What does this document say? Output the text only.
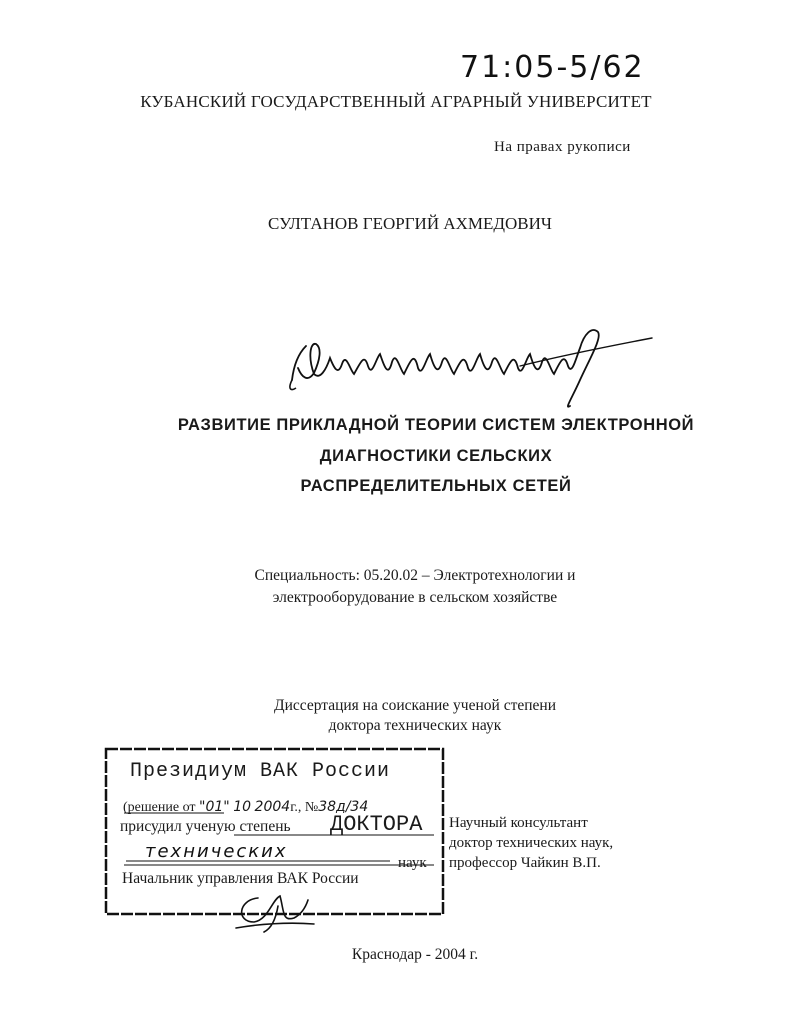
71:05-5/62
КУБАНСКИЙ ГОСУДАРСТВЕННЫЙ АГРАРНЫЙ УНИВЕРСИТЕТ
На правах рукописи
СУЛТАНОВ ГЕОРГИЙ АХМЕДОВИЧ
РАЗВИТИЕ ПРИКЛАДНОЙ ТЕОРИИ СИСТЕМ ЭЛЕКТРОННОЙ
ДИАГНОСТИКИ СЕЛЬСКИХ
РАСПРЕДЕЛИТЕЛЬНЫХ СЕТЕЙ
Специальность: 05.20.02 – Электротехнологии и
электрооборудование в сельском хозяйстве
Диссертация на соискание ученой степени
доктора технических наук
Научный консультант
доктор технических наук,
профессор Чайкин В.П.
Президиум ВАК России
(решение от "01" 10 2004г., №38д/34
присудил ученую степень ДОКТОРА
технических
наук
Начальник управления ВАК России
Краснодар - 2004 г.
